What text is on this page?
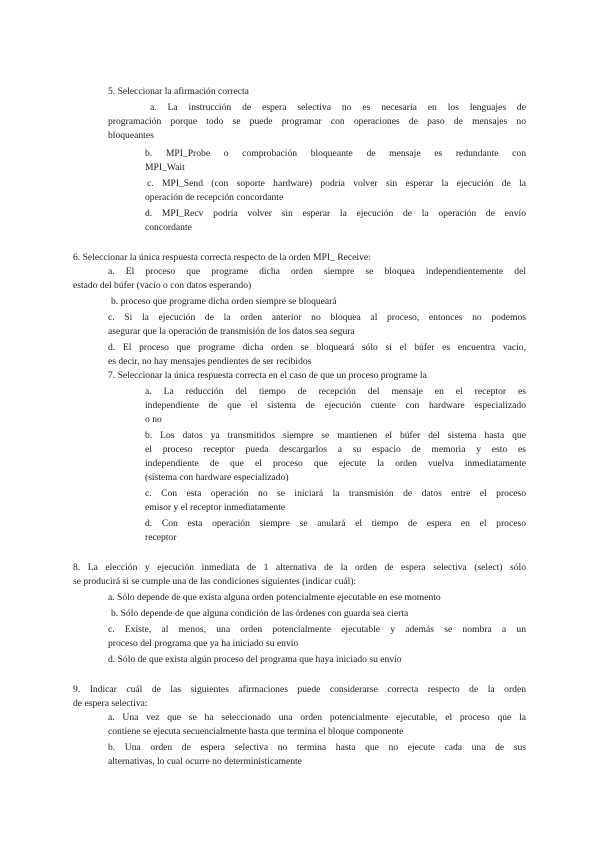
5. Seleccionar la afirmación correcta

a. La instrucción de espera selectiva no es necesaria en los lenguajes de

programación porque todo se puede programar con operaciones de paso de mensajes no

bloqueantes

b. MPI_Probe o comprobación bloqueante de mensaje es redundante con

MPI_Wait

c. MPI_Send (con soporte hardware) podría volver sin esperar la ejecución de la

operación de recepción concordante

d. MPI_Recv podría volver sin esperar la ejecución de la operación de envío

concordante

6. Seleccionar la única respuesta correcta respecto de la orden MPI_ Receive:

a. El proceso que programe dicha orden siempre se bloquea independientemente del

estado del búfer (vacío o con datos esperando)

b. proceso que programe dicha orden siempre se bloqueará

c. Si la ejecución de la orden anterior no bloquea al proceso, entonces no podemos

asegurar que la operación de transmisión de los datos sea segura

d. El proceso que programe dicha orden se bloqueará sólo si el búfer es encuentra vacío,

es decir, no hay mensajes pendientes de ser recibidos

7. Seleccionar la única respuesta correcta en el caso de que un proceso programe la

a. La reducción del tiempo de recepción del mensaje en el receptor es

independiente de que el sistema de ejecución cuente con hardware especializado

o no

b. Los datos ya transmitidos siempre se mantienen el búfer del sistema hasta que

el proceso receptor pueda descargarlos a su espacio de memoria y esto es

independiente de que el proceso que ejecute la orden vuelva inmediatamente

(sistema con hardware especializado)

c. Con esta operación no se iniciará la transmisión de datos entre el proceso

emisor y el receptor inmediatamente

d. Con esta operación siempre se anulará el tiempo de espera en el proceso

receptor

8. La elección y ejecución inmediata de 1 alternativa de la orden de espera selectiva (select) sólo

se producirá si se cumple una de las condiciones siguientes (indicar cuál):

a. Sólo depende de que exista alguna orden potencialmente ejecutable en ese momento

b. Sólo depende de que alguna condición de las órdenes con guarda sea cierta

c. Existe, al menos, una orden potencialmente ejecutable y además se nombra a un

proceso del programa que ya ha iniciado su envío

d. Sólo de que exista algún proceso del programa que haya iniciado su envío

9. Indicar cuál de las siguientes afirmaciones puede considerarse correcta respecto de la orden

de espera selectiva:

a. Una vez que se ha seleccionado una orden potencialmente ejecutable, el proceso que la

contiene se ejecuta secuencialmente hasta que termina el bloque componente

b. Una orden de espera selectiva no termina hasta que no ejecute cada una de sus

alternativas, lo cual ocurre no determinísticamente
